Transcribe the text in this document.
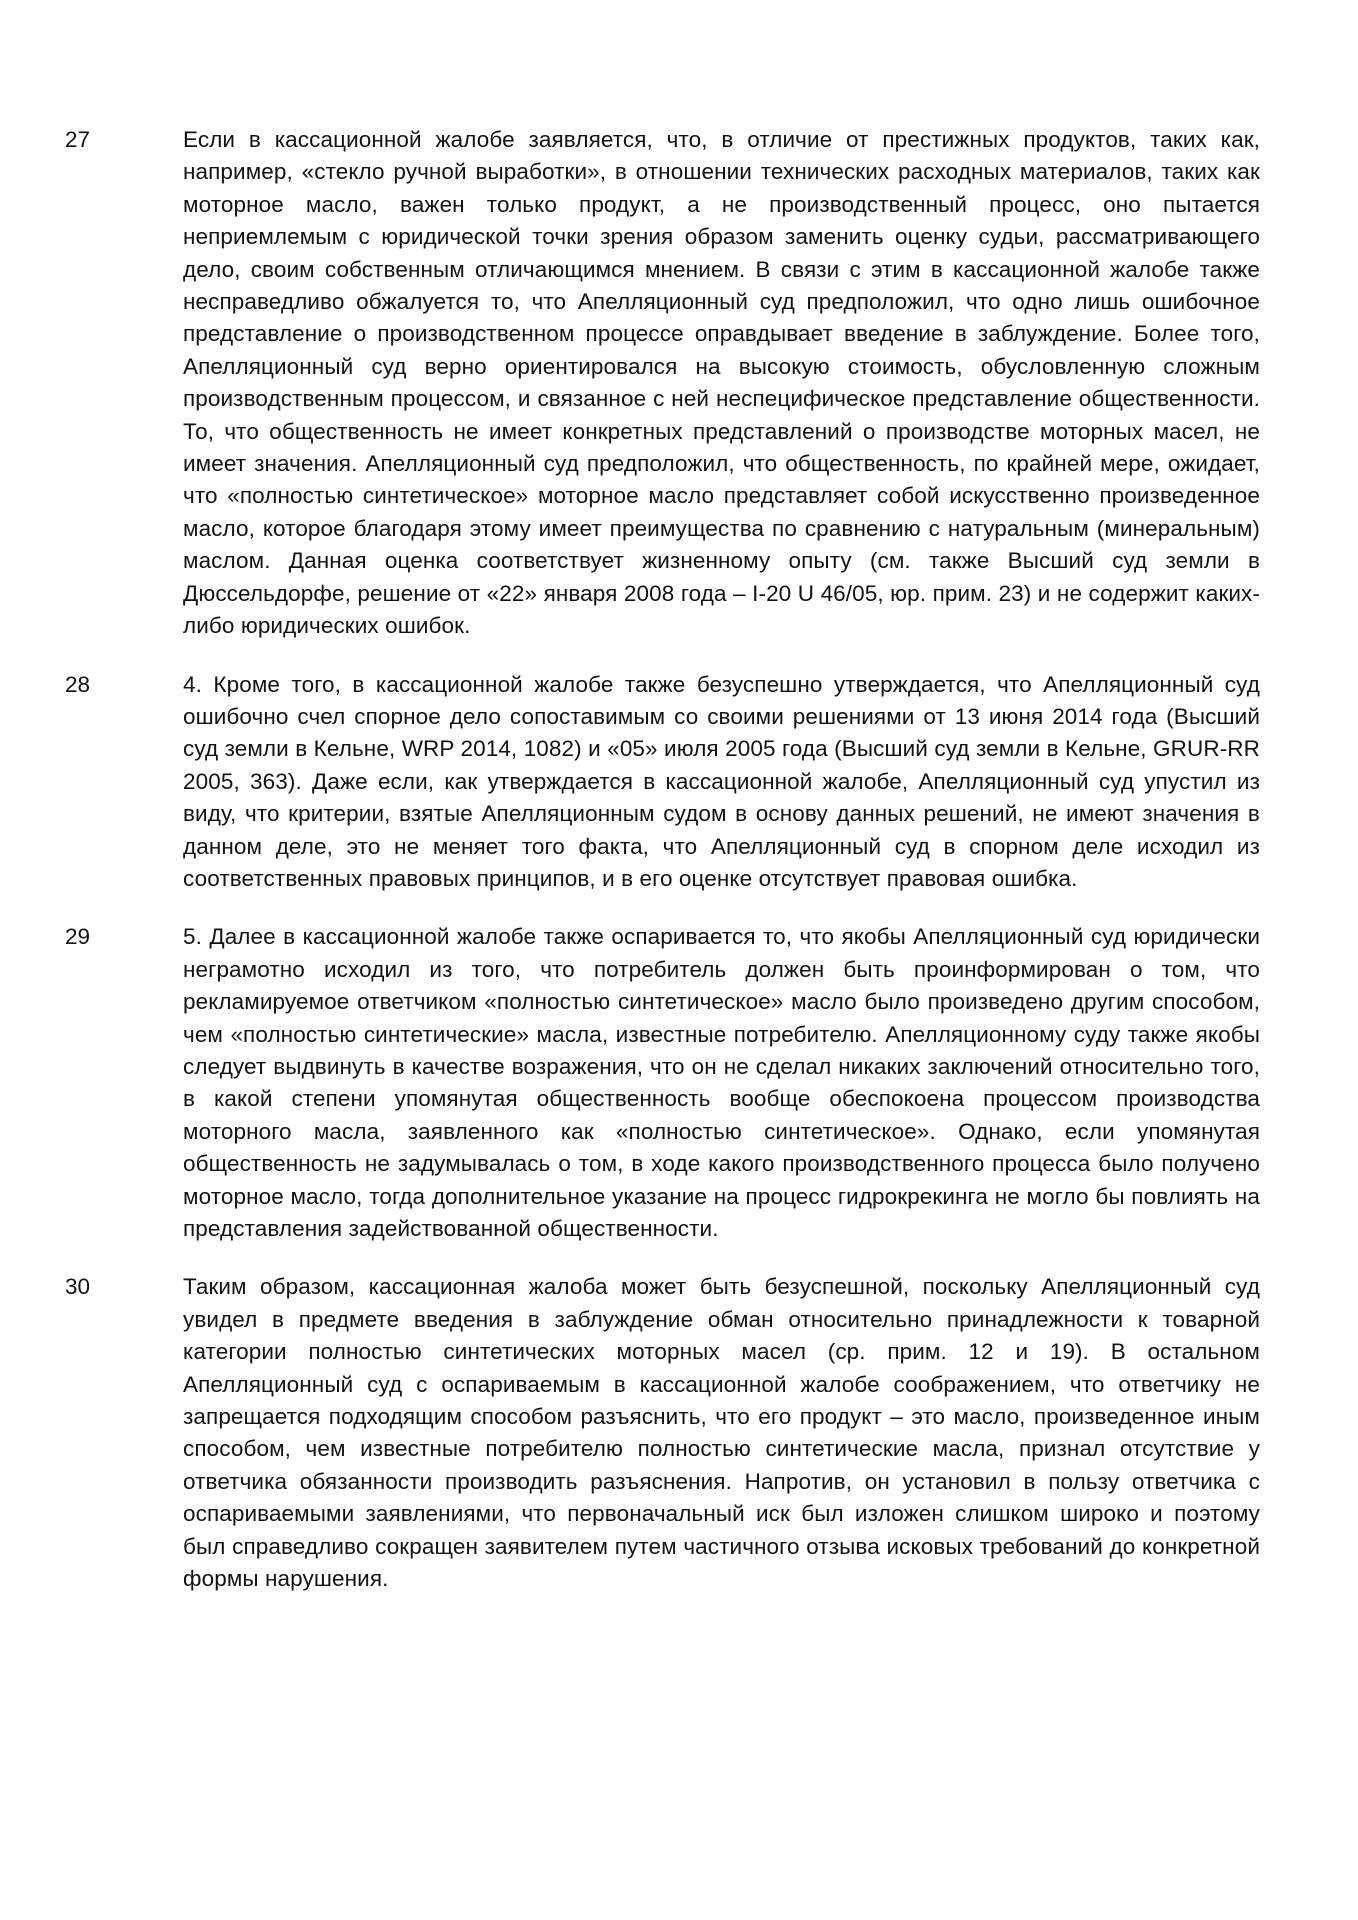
27	Если в кассационной жалобе заявляется, что, в отличие от престижных продуктов, таких как, например, «стекло ручной выработки», в отношении технических расходных материалов, таких как моторное масло, важен только продукт, а не производственный процесс, оно пытается неприемлемым с юридической точки зрения образом заменить оценку судьи, рассматривающего дело, своим собственным отличающимся мнением. В связи с этим в кассационной жалобе также несправедливо обжалуется то, что Апелляционный суд предположил, что одно лишь ошибочное представление о производственном процессе оправдывает введение в заблуждение. Более того, Апелляционный суд верно ориентировался на высокую стоимость, обусловленную сложным производственным процессом, и связанное с ней неспецифическое представление общественности. То, что общественность не имеет конкретных представлений о производстве моторных масел, не имеет значения. Апелляционный суд предположил, что общественность, по крайней мере, ожидает, что «полностью синтетическое» моторное масло представляет собой искусственно произведенное масло, которое благодаря этому имеет преимущества по сравнению с натуральным (минеральным) маслом. Данная оценка соответствует жизненному опыту (см. также Высший суд земли в Дюссельдорфе, решение от «22» января 2008 года – I-20 U 46/05, юр. прим. 23) и не содержит каких-либо юридических ошибок.
28	4. Кроме того, в кассационной жалобе также безуспешно утверждается, что Апелляционный суд ошибочно счел спорное дело сопоставимым со своими решениями от 13 июня 2014 года (Высший суд земли в Кельне, WRP 2014, 1082) и «05» июля 2005 года (Высший суд земли в Кельне, GRUR-RR 2005, 363). Даже если, как утверждается в кассационной жалобе, Апелляционный суд упустил из виду, что критерии, взятые Апелляционным судом в основу данных решений, не имеют значения в данном деле, это не меняет того факта, что Апелляционный суд в спорном деле исходил из соответственных правовых принципов, и в его оценке отсутствует правовая ошибка.
29	5. Далее в кассационной жалобе также оспаривается то, что якобы Апелляционный суд юридически неграмотно исходил из того, что потребитель должен быть проинформирован о том, что рекламируемое ответчиком «полностью синтетическое» масло было произведено другим способом, чем «полностью синтетические» масла, известные потребителю. Апелляционному суду также якобы следует выдвинуть в качестве возражения, что он не сделал никаких заключений относительно того, в какой степени упомянутая общественность вообще обеспокоена процессом производства моторного масла, заявленного как «полностью синтетическое». Однако, если упомянутая общественность не задумывалась о том, в ходе какого производственного процесса было получено моторное масло, тогда дополнительное указание на процесс гидрокрекинга не могло бы повлиять на представления задействованной общественности.
30	Таким образом, кассационная жалоба может быть безуспешной, поскольку Апелляционный суд увидел в предмете введения в заблуждение обман относительно принадлежности к товарной категории полностью синтетических моторных масел (ср. прим. 12 и 19). В остальном Апелляционный суд с оспариваемым в кассационной жалобе соображением, что ответчику не запрещается подходящим способом разъяснить, что его продукт – это масло, произведенное иным способом, чем известные потребителю полностью синтетические масла, признал отсутствие у ответчика обязанности производить разъяснения. Напротив, он установил в пользу ответчика с оспариваемыми заявлениями, что первоначальный иск был изложен слишком широко и поэтому был справедливо сокращен заявителем путем частичного отзыва исковых требований до конкретной формы нарушения.
